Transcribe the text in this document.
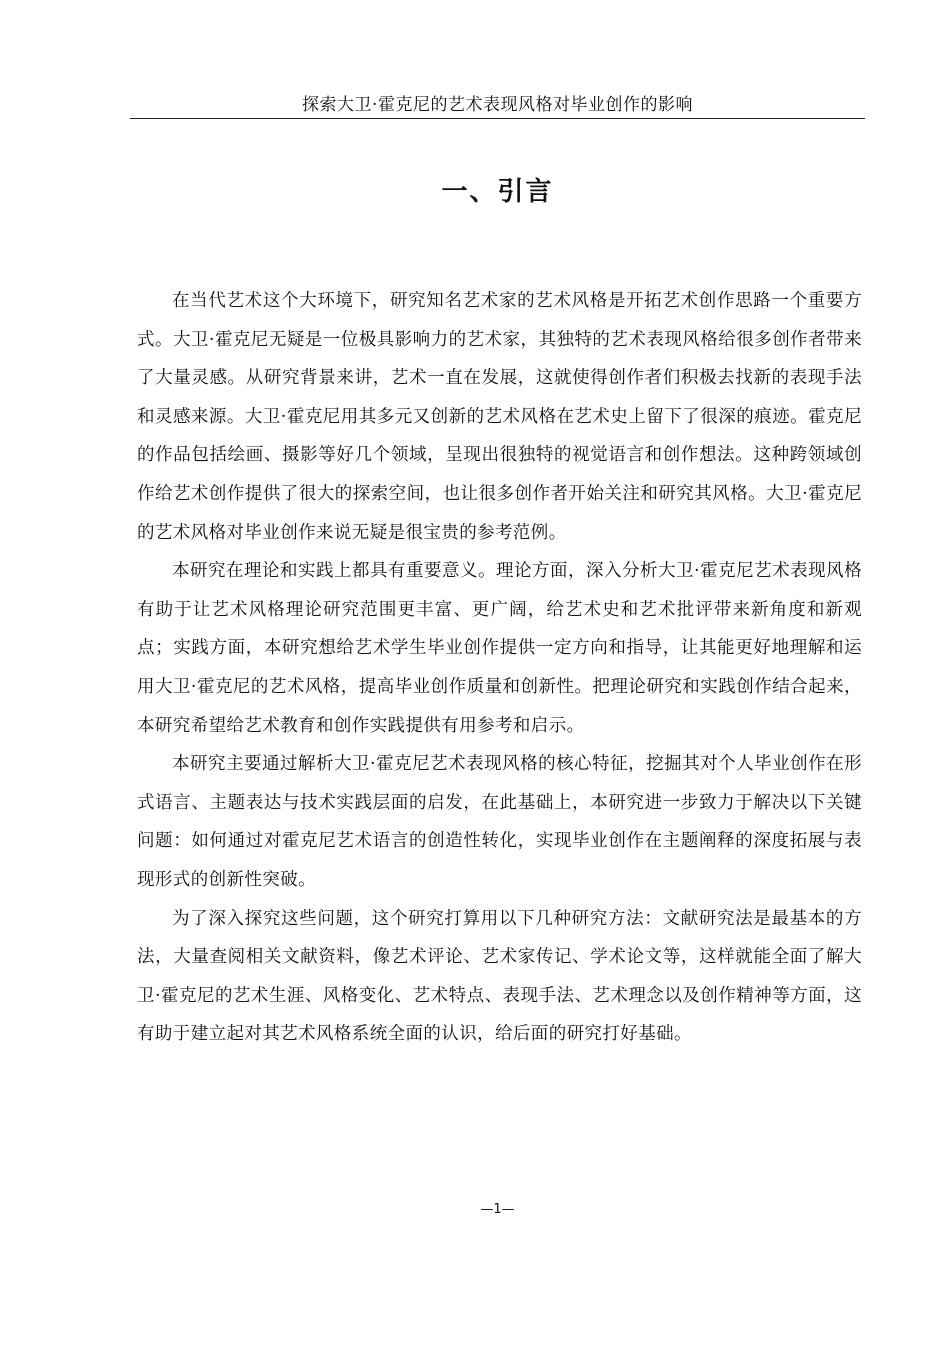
探索大卫·霍克尼的艺术表现风格对毕业创作的影响
一、引言

在当代艺术这个大环境下，研究知名艺术家的艺术风格是开拓艺术创作思路一个重要方式。大卫·霍克尼无疑是一位极具影响力的艺术家，其独特的艺术表现风格给很多创作者带来了大量灵感。从研究背景来讲，艺术一直在发展，这就使得创作者们积极去找新的表现手法和灵感来源。大卫·霍克尼用其多元又创新的艺术风格在艺术史上留下了很深的痕迹。霍克尼的作品包括绘画、摄影等好几个领域，呈现出很独特的视觉语言和创作想法。这种跨领域创作给艺术创作提供了很大的探索空间，也让很多创作者开始关注和研究其风格。大卫·霍克尼的艺术风格对毕业创作来说无疑是很宝贵的参考范例。

本研究在理论和实践上都具有重要意义。理论方面，深入分析大卫·霍克尼艺术表现风格有助于让艺术风格理论研究范围更丰富、更广阔，给艺术史和艺术批评带来新角度和新观点；实践方面，本研究想给艺术学生毕业创作提供一定方向和指导，让其能更好地理解和运用大卫·霍克尼的艺术风格，提高毕业创作质量和创新性。把理论研究和实践创作结合起来，本研究希望给艺术教育和创作实践提供有用参考和启示。

本研究主要通过解析大卫·霍克尼艺术表现风格的核心特征，挖掘其对个人毕业创作在形式语言、主题表达与技术实践层面的启发，在此基础上，本研究进一步致力于解决以下关键问题：如何通过对霍克尼艺术语言的创造性转化，实现毕业创作在主题阐释的深度拓展与表现形式的创新性突破。

为了深入探究这些问题，这个研究打算用以下几种研究方法：文献研究法是最基本的方法，大量查阅相关文献资料，像艺术评论、艺术家传记、学术论文等，这样就能全面了解大卫·霍克尼的艺术生涯、风格变化、艺术特点、表现手法、艺术理念以及创作精神等方面，这有助于建立起对其艺术风格系统全面的认识，给后面的研究打好基础。

—1—
